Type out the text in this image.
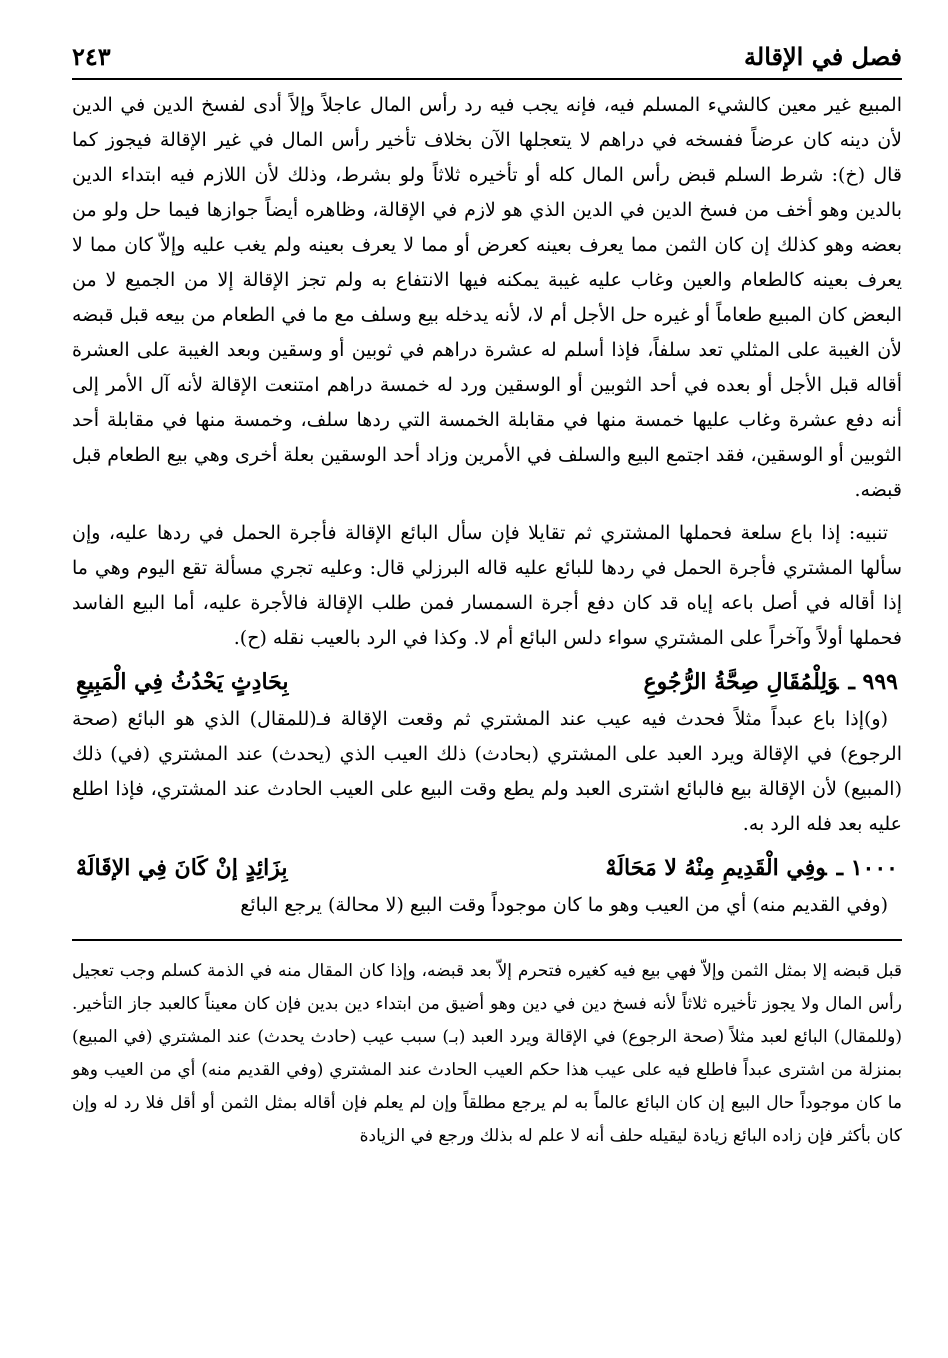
فصل في الإقالة
٢٤٣

المبيع غير معين كالشيء المسلم فيه، فإنه يجب فيه رد رأس المال عاجلاً وإلاً أدى لفسخ الدين في الدين لأن دينه كان عرضاً ففسخه في دراهم لا يتعجلها الآن بخلاف تأخير رأس المال في غير الإقالة فيجوز كما قال (خ): شرط السلم قبض رأس المال كله أو تأخيره ثلاثاً ولو بشرط، وذلك لأن اللازم فيه ابتداء الدين بالدين وهو أخف من فسخ الدين في الدين الذي هو لازم في الإقالة، وظاهره أيضاً جوازها فيما حل ولو من بعضه وهو كذلك إن كان الثمن مما يعرف بعينه كعرض أو مما لا يعرف بعينه ولم يغب عليه وإلاّ كان مما لا يعرف بعينه كالطعام والعين وغاب عليه غيبة يمكنه فيها الانتفاع به ولم تجز الإقالة إلا من الجميع لا من البعض كان المبيع طعاماً أو غيره حل الأجل أم لا، لأنه يدخله بيع وسلف مع ما في الطعام من بيعه قبل قبضه لأن الغيبة على المثلي تعد سلفاً، فإذا أسلم له عشرة دراهم في ثوبين أو وسقين وبعد الغيبة على العشرة أقاله قبل الأجل أو بعده في أحد الثوبين أو الوسقين ورد له خمسة دراهم امتنعت الإقالة لأنه آل الأمر إلى أنه دفع عشرة وغاب عليها خمسة منها في مقابلة الخمسة التي ردها سلف، وخمسة منها في مقابلة أحد الثوبين أو الوسقين، فقد اجتمع البيع والسلف في الأمرين وزاد أحد الوسقين بعلة أخرى وهي بيع الطعام قبل قبضه.

تنبيه: إذا باع سلعة فحملها المشتري ثم تقايلا فإن سأل البائع الإقالة فأجرة الحمل في ردها عليه، وإن سألها المشتري فأجرة الحمل في ردها للبائع عليه قاله البرزلي قال: وعليه تجري مسألة تقع اليوم وهي ما إذا أقاله في أصل باعه إياه قد كان دفع أجرة السمسار فمن طلب الإقالة فالأجرة عليه، أما البيع الفاسد فحملها أولاً وآخراً على المشتري سواء دلس البائع أم لا. وكذا في الرد بالعيب نقله (ح).

٩٩٩ ـوَلِلْمُقَالِ صِحَّةُ الرُّجُوعِ
بِحَادِثٍ يَحْدُثُ فِي الْمَبِيعِ

(و)إذا باع عبداً مثلاً فحدث فيه عيب عند المشتري ثم وقعت الإقالة فـ(للمقال) الذي هو البائع (صحة الرجوع) في الإقالة ويرد العبد على المشتري (بحادث) ذلك العيب الذي (يحدث) عند المشتري (في) ذلك (المبيع) لأن الإقالة بيع فالبائع اشترى العبد ولم يطع وقت البيع على العيب الحادث عند المشتري، فإذا اطلع عليه بعد فله الرد به.

١٠٠٠ ـوفِي الْقَدِيمِ مِنْهُ لا مَحَالَهْ
بِزَائِدٍ إنْ كَانَ فِي الإقَالَهْ

(وفي القديم منه) أي من العيب وهو ما كان موجوداً وقت البيع (لا محالة) يرجع البائع

قبل قبضه إلا بمثل الثمن وإلاّ فهي بيع فيه كغيره فتحرم إلاّ بعد قبضه، وإذا كان المقال منه في الذمة كسلم وجب تعجيل رأس المال ولا يجوز تأخيره ثلاثاً لأنه فسخ دين في دين وهو أضيق من ابتداء دين بدين فإن كان معيناً كالعبد جاز التأخير. (وللمقال) البائع لعبد مثلاً (صحة الرجوع) في الإقالة ويرد العبد (بـ) سبب عيب (حادث يحدث) عند المشتري (في المبيع) بمنزلة من اشترى عبداً فاطلع فيه على عيب هذا حكم العيب الحادث عند المشتري (وفي القديم منه) أي من العيب وهو ما كان موجوداً حال البيع إن كان البائع عالماً به لم يرجع مطلقاً وإن لم يعلم فإن أقاله بمثل الثمن أو أقل فلا رد له وإن كان بأكثر فإن زاده البائع زيادة ليقيله حلف أنه لا علم له بذلك ورجع في الزيادة
